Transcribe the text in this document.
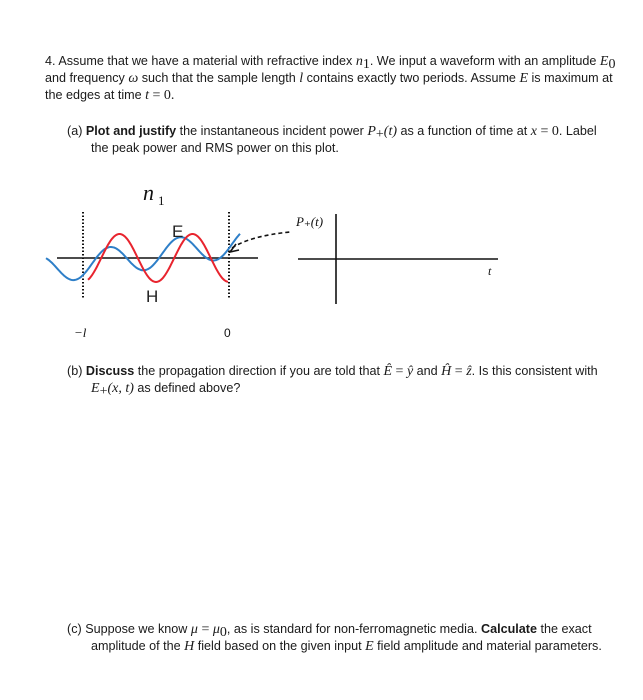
4. Assume that we have a material with refractive index $n_1$. We input a waveform with an amplitude $E_0$
and frequency ω such that the sample length l contains exactly two periods. Assume E is maximum at
the edges at time t = 0.
(a) Plot and justify the instantaneous incident power $P_+(t)$ as a function of time at x = 0. Label
the peak power and RMS power on this plot.
n 1
E
H
P₊(t)
t
−l	0
(b) Discuss the propagation direction if you are told that Ê = ŷ and Ĥ = ẑ. Is this consistent with
$E_+(x$, t) as defined above?
(c) Suppose we know $\mu = \mu_0$, as is standard for non-ferromagnetic media. Calculate the exact
amplitude of the H field based on the given input E field amplitude and material parameters.
